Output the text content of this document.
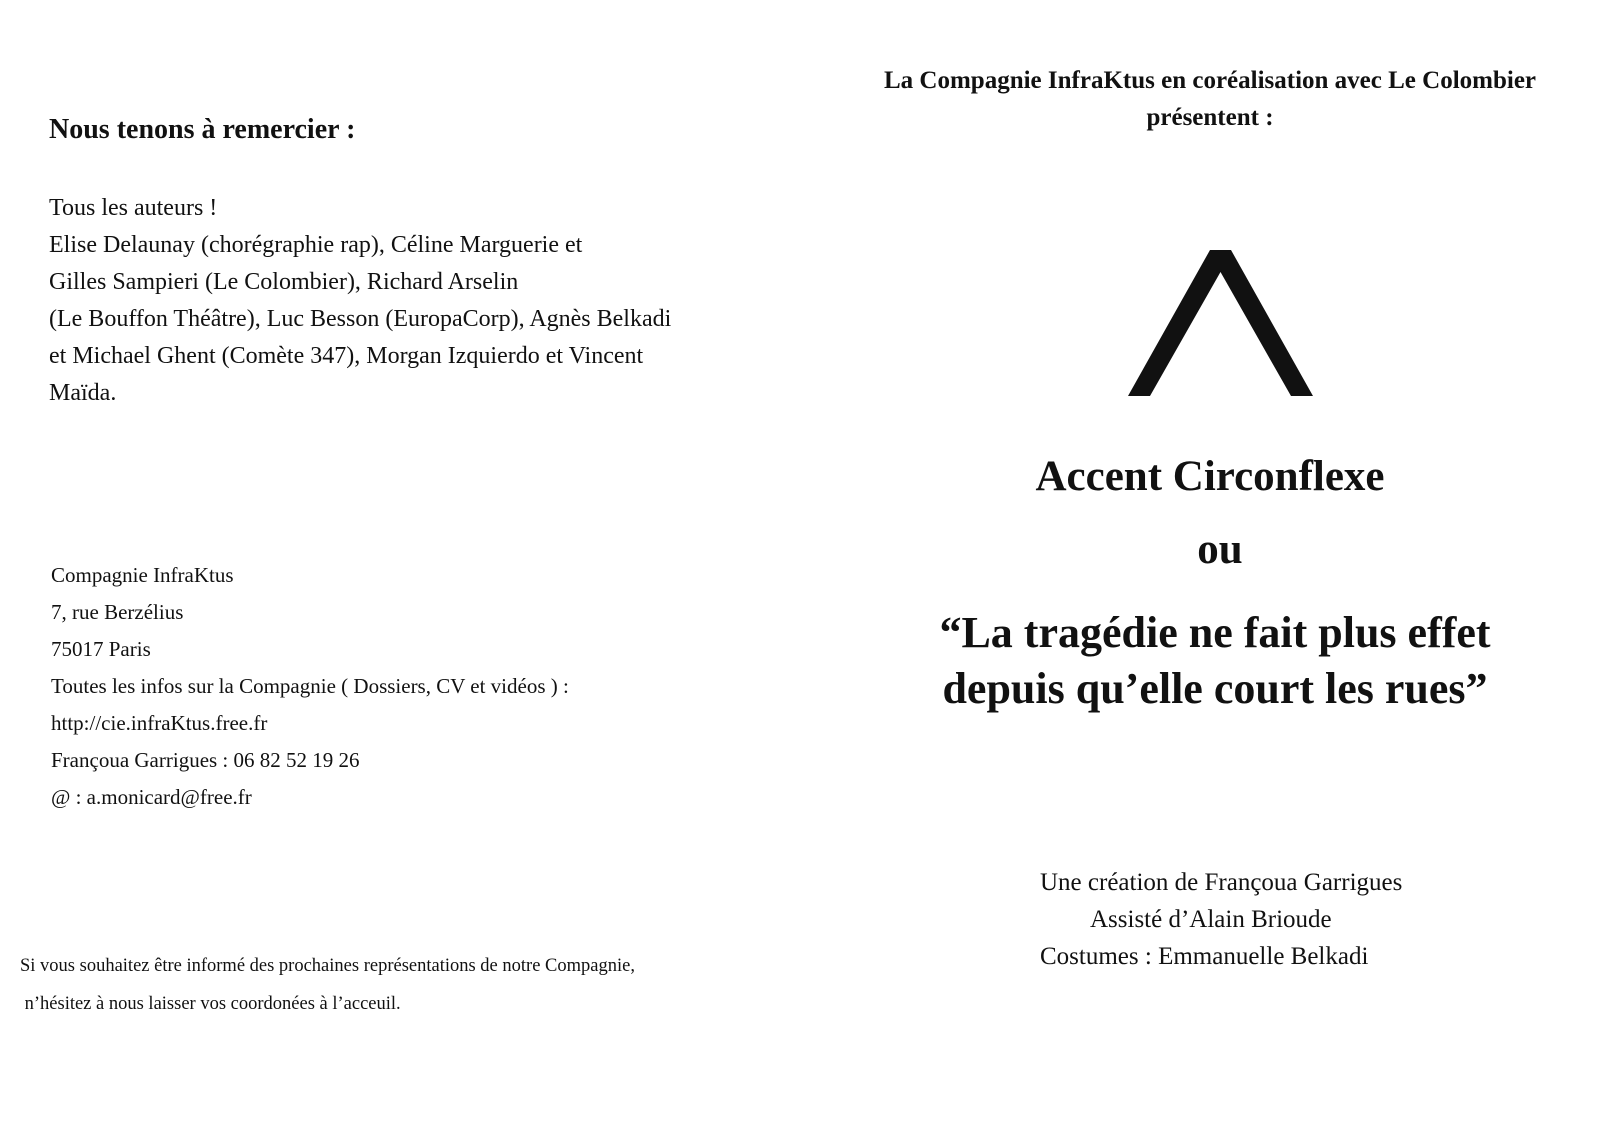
Nous tenons à remercier :
Tous les auteurs !
Elise Delaunay (chorégraphie rap), Céline Marguerie et
Gilles Sampieri (Le Colombier), Richard Arselin
(Le Bouffon Théâtre), Luc Besson (EuropaCorp), Agnès Belkadi
et Michael Ghent (Comète 347), Morgan Izquierdo et Vincent
Maïda.
Compagnie InfraKtus
7, rue Berzélius
75017 Paris
Toutes les infos sur la Compagnie ( Dossiers, CV et vidéos ) :
http://cie.infraKtus.free.fr
Françoua Garrigues : 06 82 52 19 26
@ : a.monicard@free.fr
Si vous souhaitez être informé des prochaines représentations de notre Compagnie,
n’hésitez à nous laisser vos coordonées à l’acceuil.
La Compagnie InfraKtus en coréalisation avec Le Colombier
présentent :
Accent Circonflexe
ou
“La tragédie ne fait plus effet
depuis qu’elle court les rues”
Une création de Françoua Garrigues
Assisté d’Alain Brioude
Costumes : Emmanuelle Belkadi
